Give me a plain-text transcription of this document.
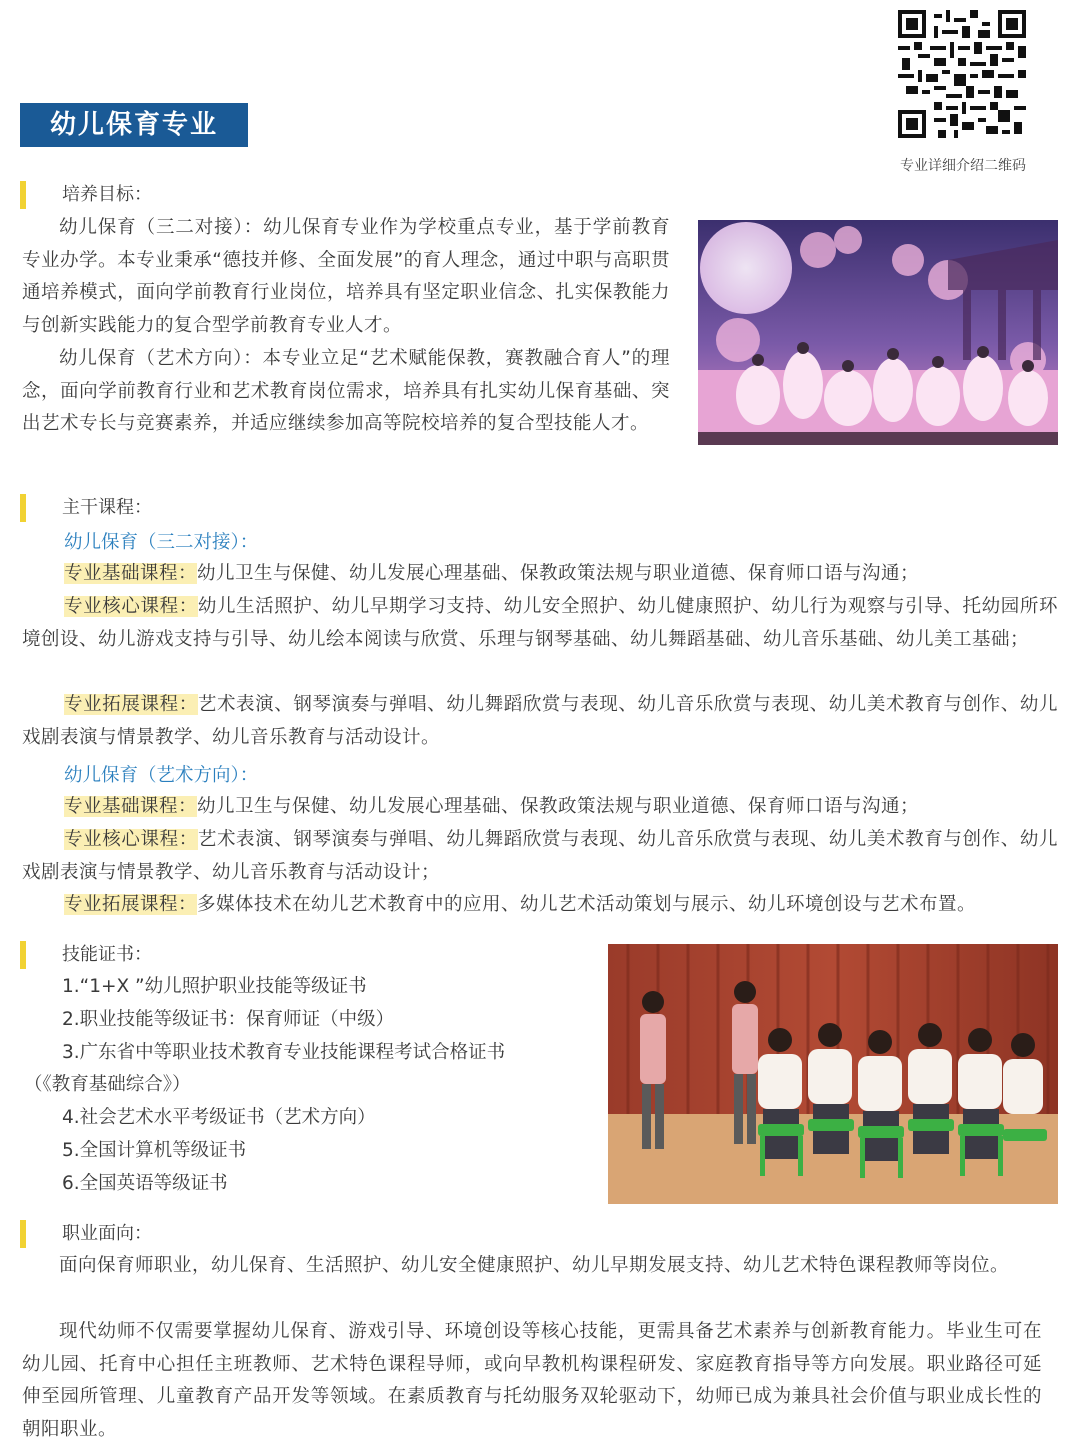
幼儿保育专业
专业详细介绍二维码
培养目标：
幼儿保育（三二对接）：幼儿保育专业作为学校重点专业，基于学前教育专业办学。本专业秉承“德技并修、全面发展”的育人理念，通过中职与高职贯通培养模式，面向学前教育行业岗位，培养具有坚定职业信念、扎实保教能力与创新实践能力的复合型学前教育专业人才。
幼儿保育（艺术方向）：本专业立足“艺术赋能保教，赛教融合育人”的理念，面向学前教育行业和艺术教育岗位需求，培养具有扎实幼儿保育基础、突出艺术专长与竞赛素养，并适应继续参加高等院校培养的复合型技能人才。
主干课程：
幼儿保育（三二对接）：
专业基础课程：幼儿卫生与保健、幼儿发展心理基础、保教政策法规与职业道德、保育师口语与沟通；
专业核心课程：幼儿生活照护、幼儿早期学习支持、幼儿安全照护、幼儿健康照护、幼儿行为观察与引导、托幼园所环境创设、幼儿游戏支持与引导、幼儿绘本阅读与欣赏、乐理与钢琴基础、幼儿舞蹈基础、幼儿音乐基础、幼儿美工基础；
专业拓展课程：艺术表演、钢琴演奏与弹唱、幼儿舞蹈欣赏与表现、幼儿音乐欣赏与表现、幼儿美术教育与创作、幼儿戏剧表演与情景教学、幼儿音乐教育与活动设计。
幼儿保育（艺术方向）：
专业基础课程：幼儿卫生与保健、幼儿发展心理基础、保教政策法规与职业道德、保育师口语与沟通；
专业核心课程：艺术表演、钢琴演奏与弹唱、幼儿舞蹈欣赏与表现、幼儿音乐欣赏与表现、幼儿美术教育与创作、幼儿戏剧表演与情景教学、幼儿音乐教育与活动设计；
专业拓展课程：多媒体技术在幼儿艺术教育中的应用、幼儿艺术活动策划与展示、幼儿环境创设与艺术布置。
技能证书：
1.“1+X ”幼儿照护职业技能等级证书
2.职业技能等级证书：保育师证（中级）
3.广东省中等职业技术教育专业技能课程考试合格证书
（《教育基础综合》）
4.社会艺术水平考级证书（艺术方向）
5.全国计算机等级证书
6.全国英语等级证书
职业面向：
面向保育师职业，幼儿保育、生活照护、幼儿安全健康照护、幼儿早期发展支持、幼儿艺术特色课程教师等岗位。
现代幼师不仅需要掌握幼儿保育、游戏引导、环境创设等核心技能，更需具备艺术素养与创新教育能力。毕业生可在幼儿园、托育中心担任主班教师、艺术特色课程导师，或向早教机构课程研发、家庭教育指导等方向发展。职业路径可延伸至园所管理、儿童教育产品开发等领域。在素质教育与托幼服务双轮驱动下，幼师已成为兼具社会价值与职业成长性的朝阳职业。
